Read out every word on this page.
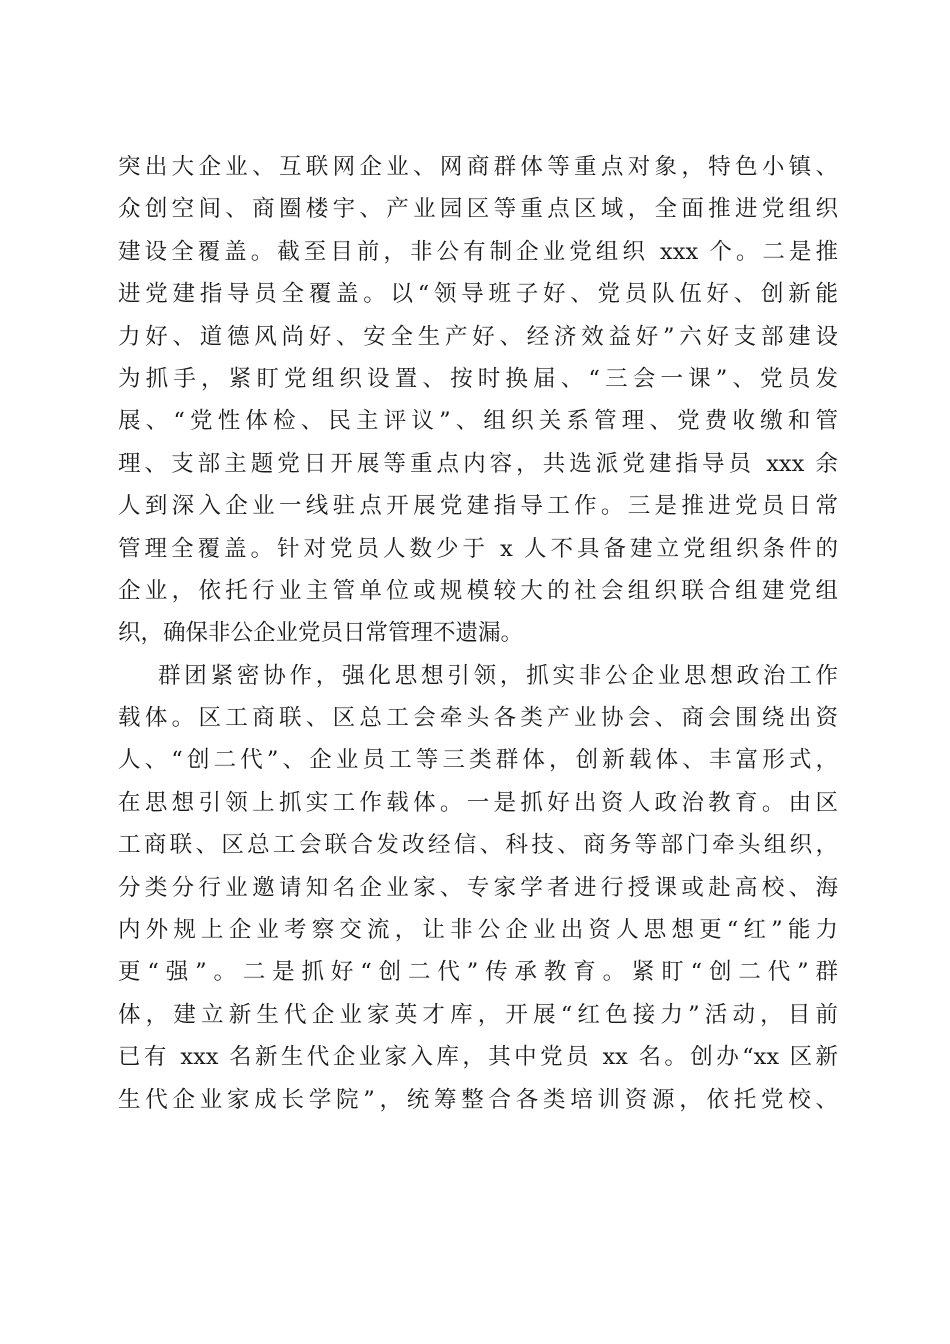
突出大企业、互联网企业、网商群体等重点对象，特色小镇、
众创空间、商圈楼宇、产业园区等重点区域，全面推进党组织
建设全覆盖。截至目前，非公有制企业党组织 xxx 个。二是推
进党建指导员全覆盖。以“领导班子好、党员队伍好、创新能
力好、道德风尚好、安全生产好、经济效益好”六好支部建设
为抓手，紧盯党组织设置、按时换届、“三会一课”、党员发
展、“党性体检、民主评议”、组织关系管理、党费收缴和管
理、支部主题党日开展等重点内容，共选派党建指导员 xxx 余
人到深入企业一线驻点开展党建指导工作。三是推进党员日常
管理全覆盖。针对党员人数少于 x 人不具备建立党组织条件的
企业，依托行业主管单位或规模较大的社会组织联合组建党组
织，确保非公企业党员日常管理不遗漏。
群团紧密协作，强化思想引领，抓实非公企业思想政治工作
载体。区工商联、区总工会牵头各类产业协会、商会围绕出资
人、“创二代”、企业员工等三类群体，创新载体、丰富形式，
在思想引领上抓实工作载体。一是抓好出资人政治教育。由区
工商联、区总工会联合发改经信、科技、商务等部门牵头组织，
分类分行业邀请知名企业家、专家学者进行授课或赴高校、海
内外规上企业考察交流，让非公企业出资人思想更“红”能力
更“强”。二是抓好“创二代”传承教育。紧盯“创二代”群
体，建立新生代企业家英才库，开展“红色接力”活动，目前
已有 xxx 名新生代企业家入库，其中党员 xx 名。创办“xx 区新
生代企业家成长学院”，统筹整合各类培训资源，依托党校、
